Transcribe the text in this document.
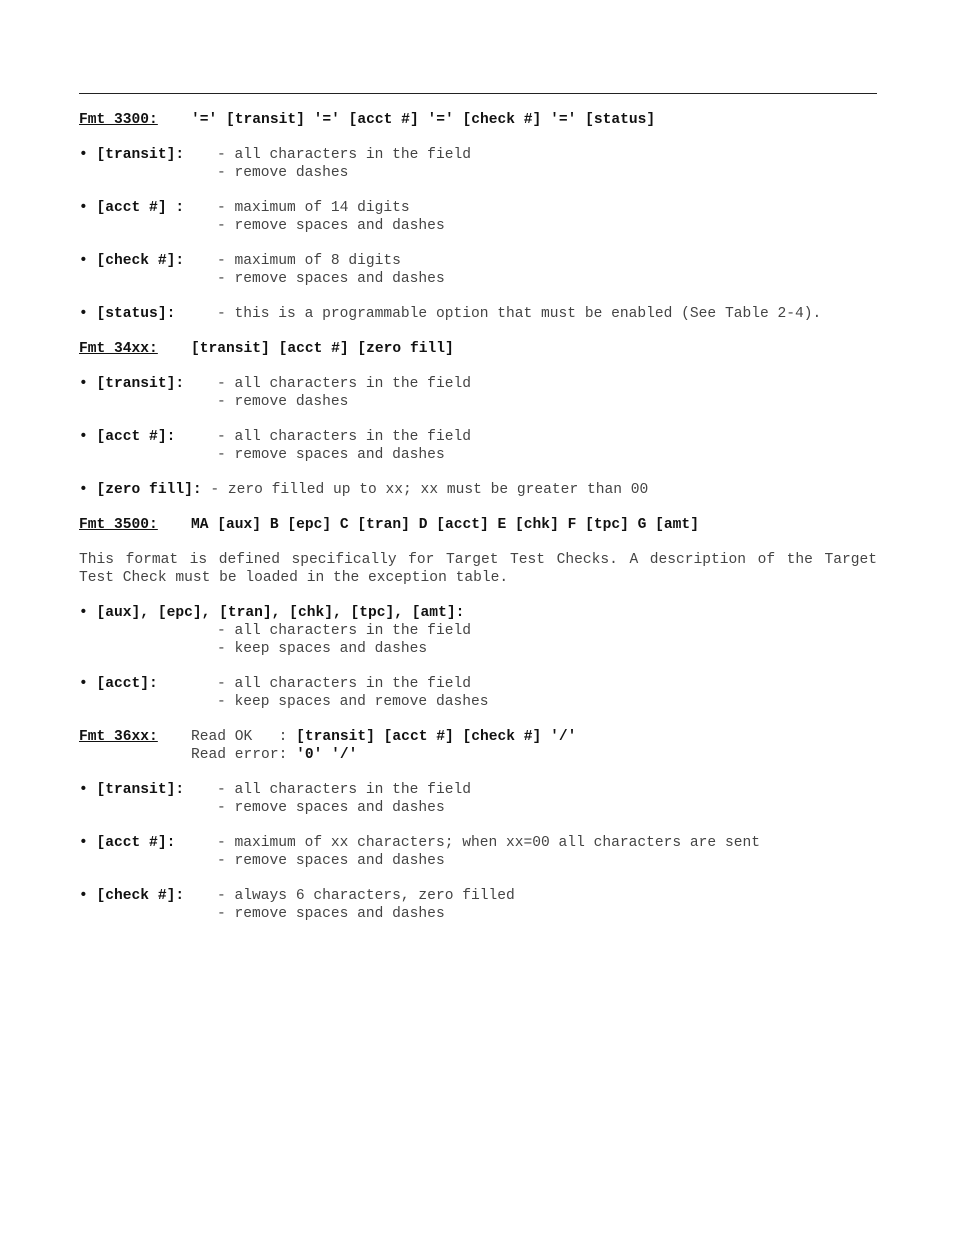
Fmt 3300:	'=' [transit] '=' [acct #] '=' [check #] '=' [status]
• [transit]:	- all characters in the field
- remove dashes
• [acct #] :	- maximum of 14 digits
- remove spaces and dashes
• [check #]:	- maximum of 8 digits
- remove spaces and dashes
• [status]:	- this is a programmable option that must be enabled (See Table 2-4).
Fmt 34xx:	[transit] [acct #] [zero fill]
• [transit]:	- all characters in the field
- remove dashes
• [acct #]:	- all characters in the field
- remove spaces and dashes
• [zero fill]:
- zero filled up to xx; xx must be greater than 00
Fmt 3500:	MA [aux] B [epc] C [tran] D [acct] E [chk] F [tpc] G [amt]
This format is defined specifically for Target Test Checks. A description of the Target Test Check must be loaded in the exception table.
• [aux], [epc], [tran], [chk], [tpc], [amt]:
- all characters in the field
- keep spaces and dashes
• [acct]:	- all characters in the field
- keep spaces and remove dashes
Fmt 36xx:	Read OK   : [transit] [acct #] [check #] '/'
Read error: '0' '/'
• [transit]:	- all characters in the field
- remove spaces and dashes
• [acct #]:	- maximum of xx characters; when xx=00 all characters are sent
- remove spaces and dashes
• [check #]:	- always 6 characters, zero filled
- remove spaces and dashes
